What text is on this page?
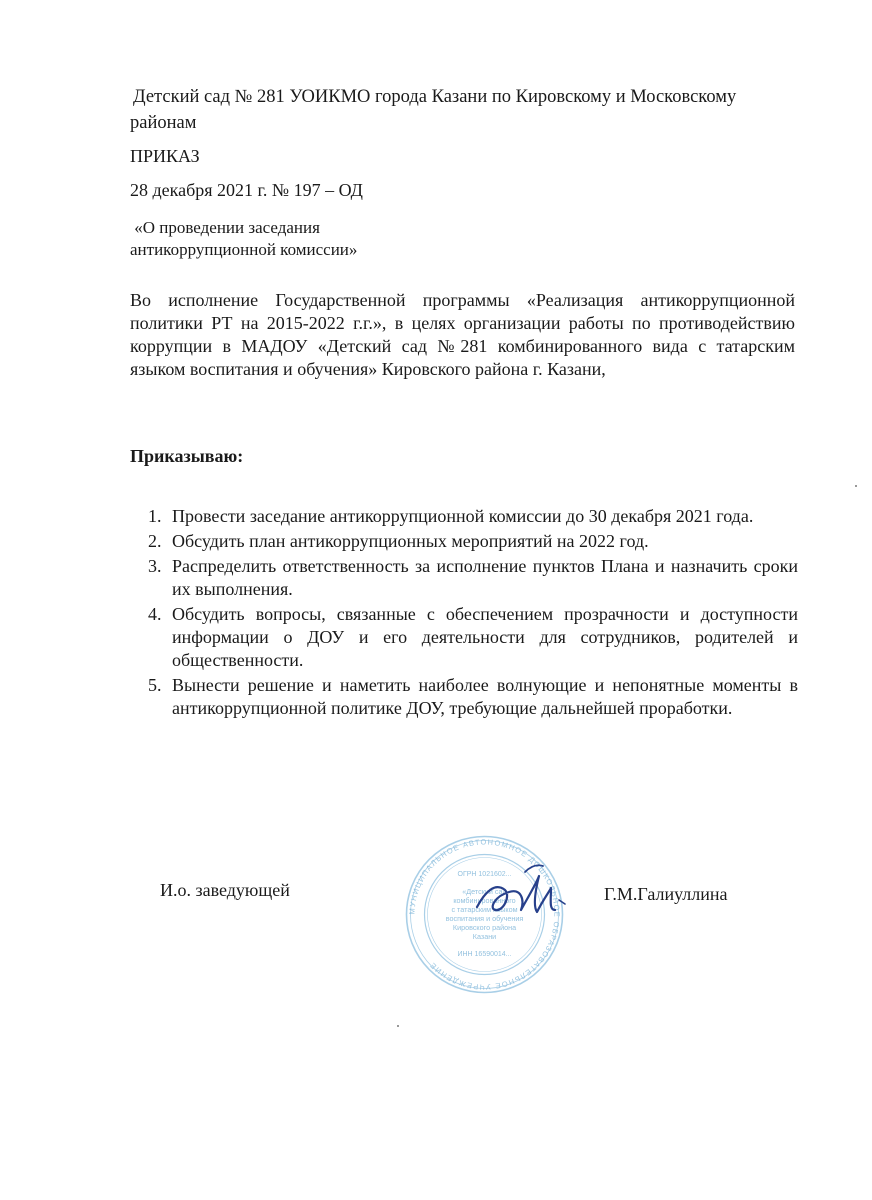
Детский сад № 281 УОИКМО города Казани по Кировскому и Московскому
районам
ПРИКАЗ
28 декабря 2021 г. № 197 – ОД
«О проведении заседания
антикоррупционной комиссии»
Во исполнение Государственной программы «Реализация антикоррупционной политики РТ на 2015-2022 г.г.», в целях организации работы по противодействию коррупции в МАДОУ «Детский сад №281 комбинированного вида с татарским языком воспитания и обучения» Кировского района г. Казани,
Приказываю:
1. Провести заседание антикоррупционной комиссии до 30 декабря 2021 года.
2. Обсудить план антикоррупционных мероприятий на 2022 год.
3. Распределить ответственность за исполнение пунктов Плана и назначить сроки их выполнения.
4. Обсудить вопросы, связанные с обеспечением прозрачности и доступности информации о ДОУ и его деятельности для сотрудников, родителей и общественности.
5. Вынести решение и наметить наиболее волнующие и непонятные моменты в антикоррупционной политике ДОУ, требующие дальнейшей проработки.
И.о. заведующей	Г.М.Галиуллина
МУНИЦИПАЛЬНОЕ АВТОНОМНОЕ ДОШКОЛЬНОЕ ОБРАЗОВАТЕЛЬНОЕ УЧРЕЖДЕНИЕ
ОГРН 1021602...
«Детский сад
комбинированного
с татарским языком
воспитания и обучения
Кировского района
Казани
ИНН 16590014...
